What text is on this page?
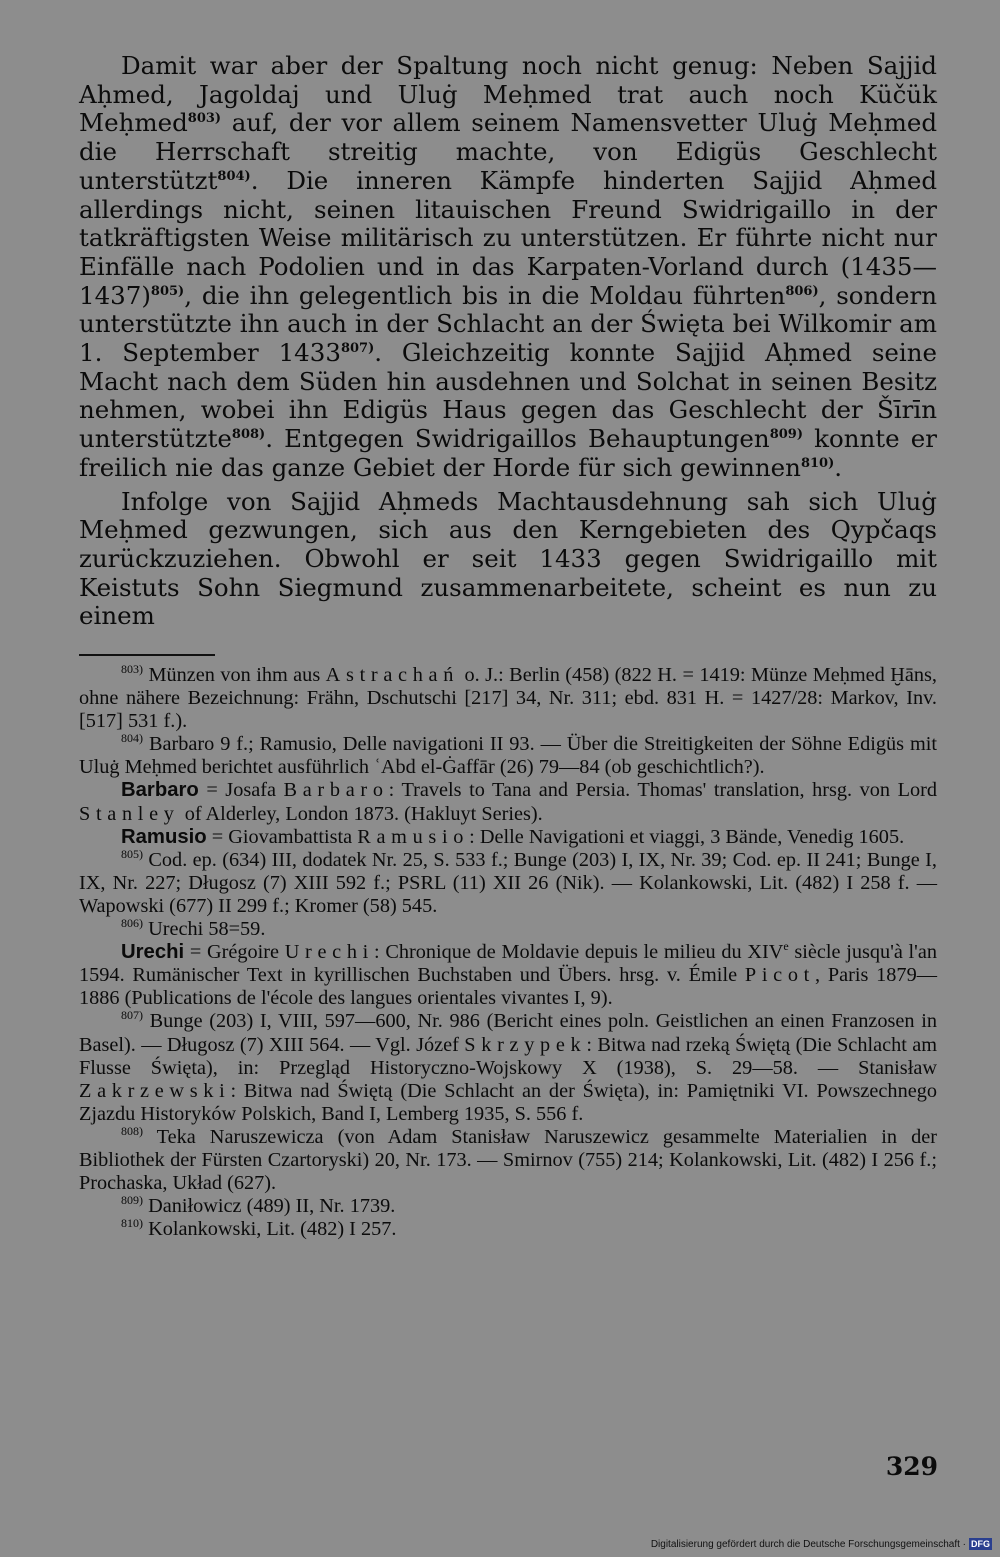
Damit war aber der Spaltung noch nicht genug: Neben Sajjid Aḥmed, Jagoldaj und Uluġ Meḥmed trat auch noch Küčük Meḥmed$^{803)}$ auf, der vor allem seinem Namensvetter Uluġ Meḥmed die Herrschaft streitig machte, von Edigüs Geschlecht unterstützt$^{804)}$. Die inneren Kämpfe hinderten Sajjid Aḥmed allerdings nicht, seinen litauischen Freund Swidrigaillo in der tatkräftigsten Weise militärisch zu unterstützen. Er führte nicht nur Einfälle nach Podolien und in das Karpaten-Vorland durch (1435—1437)$^{805)}$, die ihn gelegentlich bis in die Moldau führten$^{806)}$, sondern unterstützte ihn auch in der Schlacht an der Święta bei Wilkomir am 1. September 1433$^{807)}$. Gleichzeitig konnte Sajjid Aḥmed seine Macht nach dem Süden hin ausdehnen und Solchat in seinen Besitz nehmen, wobei ihn Edigüs Haus gegen das Geschlecht der Šīrīn unterstützte$^{808)}$. Entgegen Swidrigaillos Behauptungen$^{809)}$ konnte er freilich nie das ganze Gebiet der Horde für sich gewinnen$^{810)}$.

Infolge von Sajjid Aḥmeds Machtausdehnung sah sich Uluġ Meḥmed gezwungen, sich aus den Kerngebieten des Qypčaqs zurückzuziehen. Obwohl er seit 1433 gegen Swidrigaillo mit Keistuts Sohn Siegmund zusammenarbeitete, scheint es nun zu einem

$^{803)}$ Münzen von ihm aus Astrachań o. J.: Berlin (458) (822 H. = 1419: Münze Meḥmed Ḫāns, ohne nähere Bezeichnung: Frähn, Dschutschi [217] 34, Nr. 311; ebd. 831 H. = 1427/28: Markov, Inv. [517] 531 f.).

$^{804)}$ Barbaro 9 f.; Ramusio, Delle navigationi II 93. — Über die Streitigkeiten der Söhne Edigüs mit Uluġ Meḥmed berichtet ausführlich ʿAbd el-Ġaffār (26) 79—84 (ob geschichtlich?).

Barbaro = Josafa Barbaro: Travels to Tana and Persia. Thomas' translation, hrsg. von Lord Stanley of Alderley, London 1873. (Hakluyt Series).

Ramusio = Giovambattista Ramusio: Delle Navigationi et viaggi, 3 Bände, Venedig 1605.

$^{805)}$ Cod. ep. (634) III, dodatek Nr. 25, S. 533 f.; Bunge (203) I, IX, Nr. 39; Cod. ep. II 241; Bunge I, IX, Nr. 227; Długosz (7) XIII 592 f.; PSRL (11) XII 26 (Nik). — Kolankowski, Lit. (482) I 258 f. — Wapowski (677) II 299 f.; Kromer (58) 545.

$^{806)}$ Urechi 58=59.

Urechi = Grégoire Urechi: Chronique de Moldavie depuis le milieu du XIVe siècle jusqu'à l'an 1594. Rumänischer Text in kyrillischen Buchstaben und Übers. hrsg. v. Émile Picot, Paris 1879—1886 (Publications de l'école des langues orientales vivantes I, 9).

$^{807)}$ Bunge (203) I, VIII, 597—600, Nr. 986 (Bericht eines poln. Geistlichen an einen Franzosen in Basel). — Długosz (7) XIII 564. — Vgl. Józef Skrzypek: Bitwa nad rzeką Świętą (Die Schlacht am Flusse Święta), in: Przegląd Historyczno-Wojskowy X (1938), S. 29—58. — Stanisław Zakrzewski: Bitwa nad Świętą (Die Schlacht an der Święta), in: Pamiętniki VI. Powszechnego Zjazdu Historyków Polskich, Band I, Lemberg 1935, S. 556 f.

$^{808)}$ Teka Naruszewicza (von Adam Stanisław Naruszewicz gesammelte Materialien in der Bibliothek der Fürsten Czartoryski) 20, Nr. 173. — Smirnov (755) 214; Kolankowski, Lit. (482) I 256 f.; Prochaska, Układ (627).

$^{809)}$ Daniłowicz (489) II, Nr. 1739.

$^{810)}$ Kolankowski, Lit. (482) I 257.

329
Digitalisierung gefördert durch die Deutsche Forschungsgemeinschaft · DFG
